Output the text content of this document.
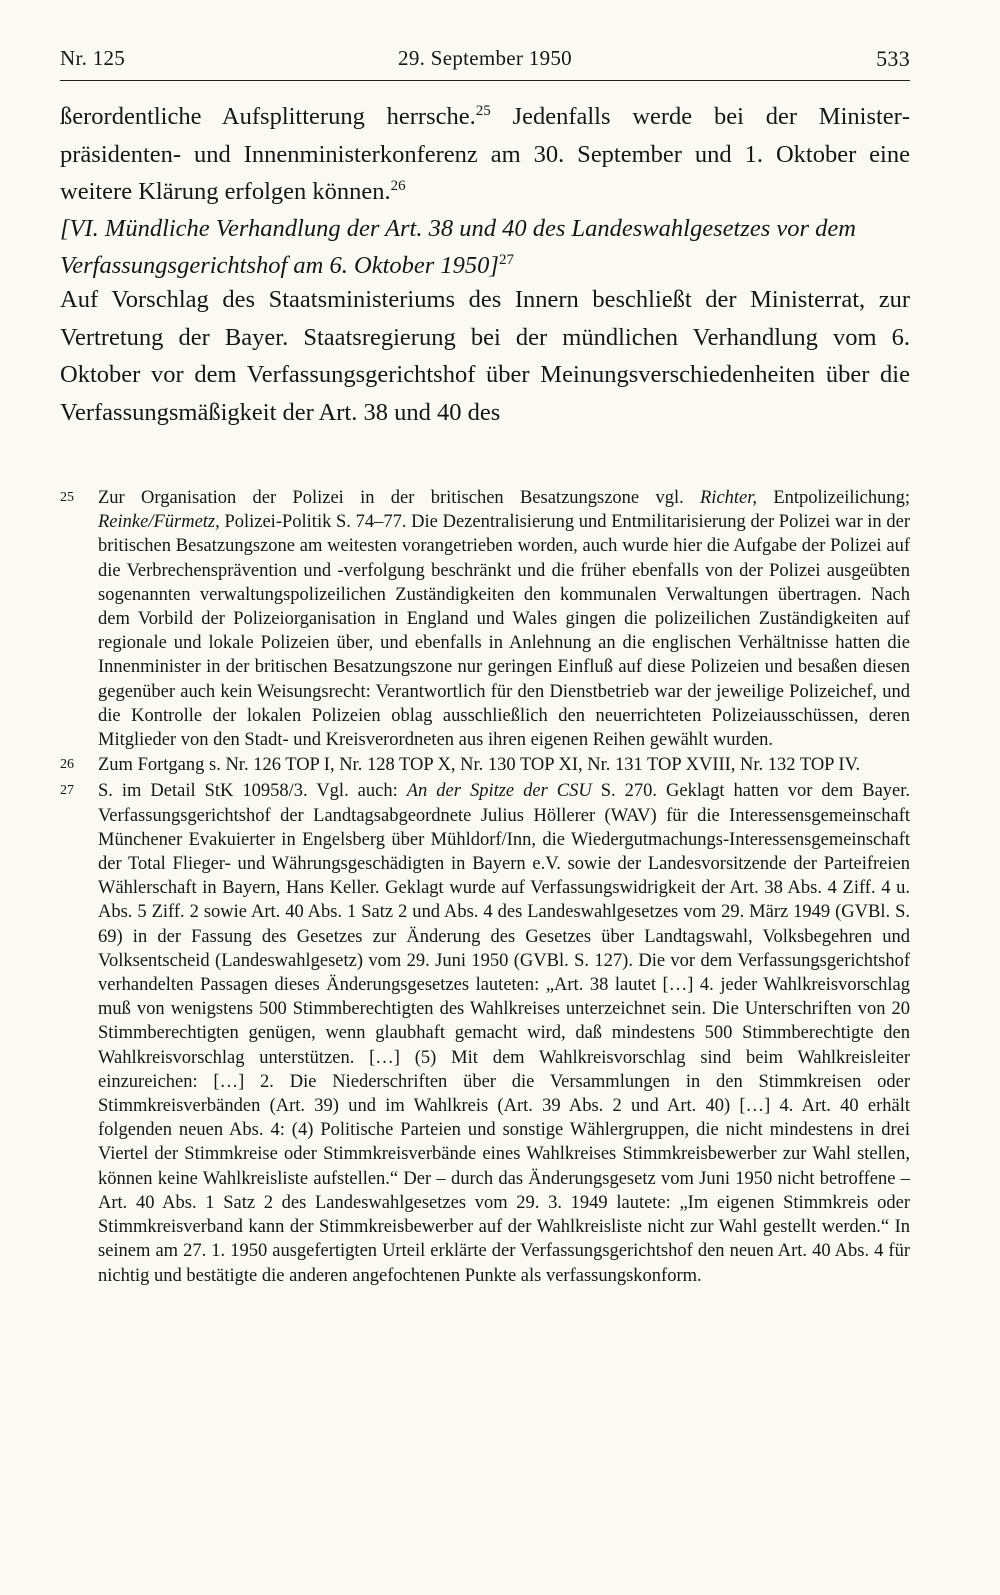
Nr. 125	29. September 1950	533

ßerordentliche Aufsplitterung herrsche.$^{25}$ Jedenfalls werde bei der Ministerpräsidenten- und Innenministerkonferenz am 30. September und 1. Oktober eine weitere Klärung erfolgen können.$^{26}$

[VI. Mündliche Verhandlung der Art. 38 und 40 des Landeswahlgesetzes vor dem Verfassungsgerichtshof am 6. Oktober 1950]$^{27}$

Auf Vorschlag des Staatsministeriums des Innern beschließt der Ministerrat, zur Vertretung der Bayer. Staatsregierung bei der mündlichen Verhandlung vom 6. Oktober vor dem Verfassungsgerichtshof über Meinungsverschiedenheiten über die Verfassungsmäßigkeit der Art. 38 und 40 des

25 Zur Organisation der Polizei in der britischen Besatzungszone vgl. Richter, Entpolizeilichung; Reinke/Fürmetz, Polizei-Politik S. 74–77. Die Dezentralisierung und Entmilitarisierung der Polizei war in der britischen Besatzungszone am weitesten vorangetrieben worden, auch wurde hier die Aufgabe der Polizei auf die Verbrechensprävention und -verfolgung beschränkt und die früher ebenfalls von der Polizei ausgeübten sogenannten verwaltungspolizeilichen Zuständigkeiten den kommunalen Verwaltungen übertragen. Nach dem Vorbild der Polizeiorganisation in England und Wales gingen die polizeilichen Zuständigkeiten auf regionale und lokale Polizeien über, und ebenfalls in Anlehnung an die englischen Verhältnisse hatten die Innenminister in der britischen Besatzungszone nur geringen Einfluß auf diese Polizeien und besaßen diesen gegenüber auch kein Weisungsrecht: Verantwortlich für den Dienstbetrieb war der jeweilige Polizeichef, und die Kontrolle der lokalen Polizeien oblag ausschließlich den neuerrichteten Polizeiausschüssen, deren Mitglieder von den Stadt- und Kreisverordneten aus ihren eigenen Reihen gewählt wurden.
26 Zum Fortgang s. Nr. 126 TOP I, Nr. 128 TOP X, Nr. 130 TOP XI, Nr. 131 TOP XVIII, Nr. 132 TOP IV.
27 S. im Detail StK 10958/3. Vgl. auch: An der Spitze der CSU S. 270. Geklagt hatten vor dem Bayer. Verfassungsgerichtshof der Landtagsabgeordnete Julius Höllerer (WAV) für die Interessensgemeinschaft Münchener Evakuierter in Engelsberg über Mühldorf/Inn, die Wiedergutmachungs-Interessensgemeinschaft der Total Flieger- und Währungsgeschädigten in Bayern e.V. sowie der Landesvorsitzende der Parteifreien Wählerschaft in Bayern, Hans Keller. Geklagt wurde auf Verfassungswidrigkeit der Art. 38 Abs. 4 Ziff. 4 u. Abs. 5 Ziff. 2 sowie Art. 40 Abs. 1 Satz 2 und Abs. 4 des Landeswahlgesetzes vom 29. März 1949 (GVBl. S. 69) in der Fassung des Gesetzes zur Änderung des Gesetzes über Landtagswahl, Volksbegehren und Volksentscheid (Landeswahlgesetz) vom 29. Juni 1950 (GVBl. S. 127). Die vor dem Verfassungsgerichtshof verhandelten Passagen dieses Änderungsgesetzes lauteten: „Art. 38 lautet […] 4. jeder Wahlkreisvorschlag muß von wenigstens 500 Stimmberechtigten des Wahlkreises unterzeichnet sein. Die Unterschriften von 20 Stimmberechtigten genügen, wenn glaubhaft gemacht wird, daß mindestens 500 Stimmberechtigte den Wahlkreisvorschlag unterstützen. […] (5) Mit dem Wahlkreisvorschlag sind beim Wahlkreisleiter einzureichen: […] 2. Die Niederschriften über die Versammlungen in den Stimmkreisen oder Stimmkreisverbänden (Art. 39) und im Wahlkreis (Art. 39 Abs. 2 und Art. 40) […] 4. Art. 40 erhält folgenden neuen Abs. 4: (4) Politische Parteien und sonstige Wählergruppen, die nicht mindestens in drei Viertel der Stimmkreise oder Stimmkreisverbände eines Wahlkreises Stimmkreisbewerber zur Wahl stellen, können keine Wahlkreisliste aufstellen.“ Der – durch das Änderungsgesetz vom Juni 1950 nicht betroffene – Art. 40 Abs. 1 Satz 2 des Landeswahlgesetzes vom 29. 3. 1949 lautete: „Im eigenen Stimmkreis oder Stimmkreisverband kann der Stimmkreisbewerber auf der Wahlkreisliste nicht zur Wahl gestellt werden.“ In seinem am 27. 1. 1950 ausgefertigten Urteil erklärte der Verfassungsgerichtshof den neuen Art. 40 Abs. 4 für nichtig und bestätigte die anderen angefochtenen Punkte als verfassungskonform.
